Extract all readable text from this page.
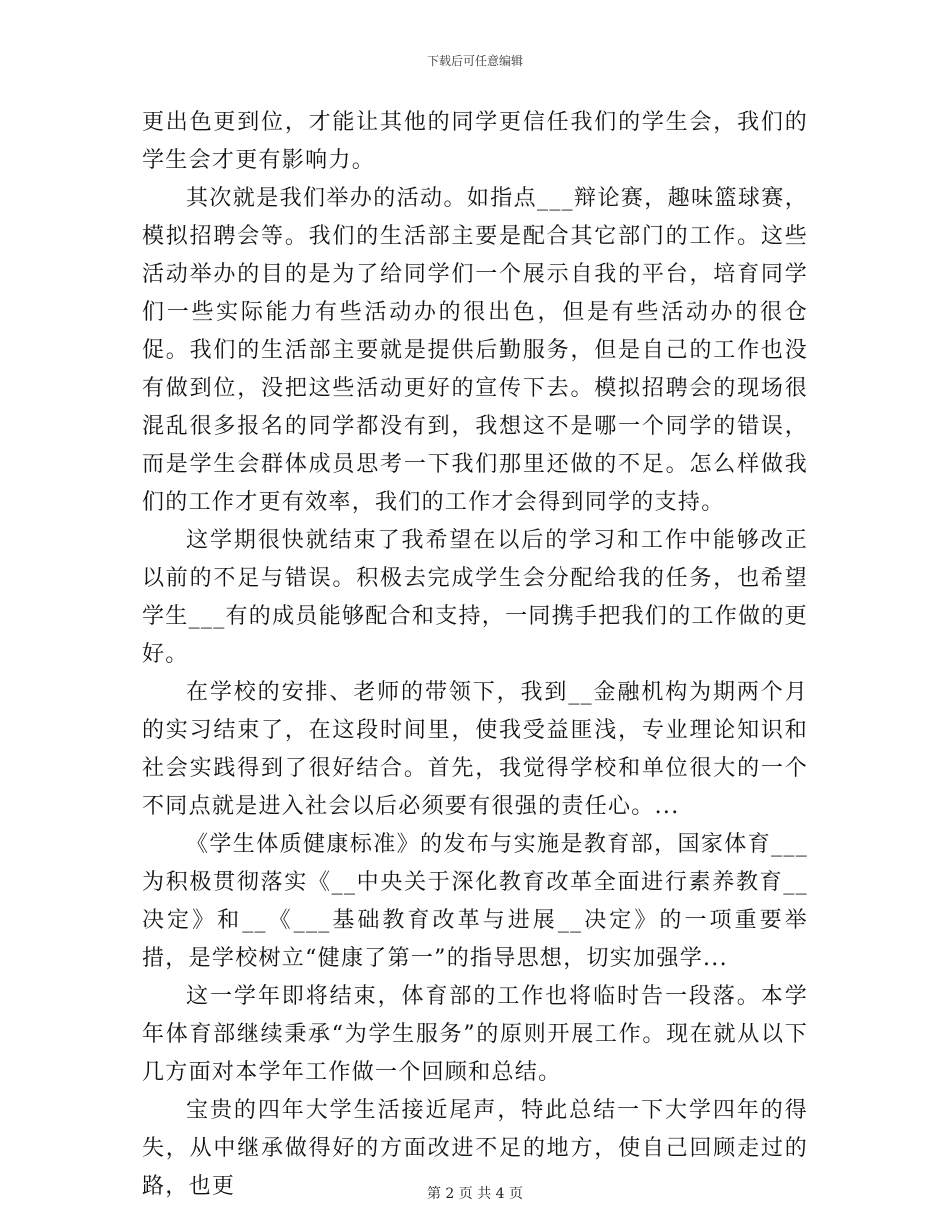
下载后可任意编辑

更出色更到位，才能让其他的同学更信任我们的学生会，我们的学生会才更有影响力。

其次就是我们举办的活动。如指点___辩论赛，趣味篮球赛，模拟招聘会等。我们的生活部主要是配合其它部门的工作。这些活动举办的目的是为了给同学们一个展示自我的平台，培育同学们一些实际能力有些活动办的很出色，但是有些活动办的很仓促。我们的生活部主要就是提供后勤服务，但是自己的工作也没有做到位，没把这些活动更好的宣传下去。模拟招聘会的现场很混乱很多报名的同学都没有到，我想这不是哪一个同学的错误，而是学生会群体成员思考一下我们那里还做的不足。怎么样做我们的工作才更有效率，我们的工作才会得到同学的支持。

这学期很快就结束了我希望在以后的学习和工作中能够改正以前的不足与错误。积极去完成学生会分配给我的任务，也希望学生___有的成员能够配合和支持，一同携手把我们的工作做的更好。

在学校的安排、老师的带领下，我到__金融机构为期两个月的实习结束了，在这段时间里，使我受益匪浅，专业理论知识和社会实践得到了很好结合。首先，我觉得学校和单位很大的一个不同点就是进入社会以后必须要有很强的责任心。...

《学生体质健康标准》的发布与实施是教育部，国家体育___为积极贯彻落实《__中央关于深化教育改革全面进行素养教育__决定》和__《___基础教育改革与进展__决定》的一项重要举措，是学校树立“健康了第一”的指导思想，切实加强学...

这一学年即将结束，体育部的工作也将临时告一段落。本学年体育部继续秉承“为学生服务”的原则开展工作。现在就从以下几方面对本学年工作做一个回顾和总结。

宝贵的四年大学生活接近尾声，特此总结一下大学四年的得失，从中继承做得好的方面改进不足的地方，使自己回顾走过的路，也更	第 2 页 共 4 页
